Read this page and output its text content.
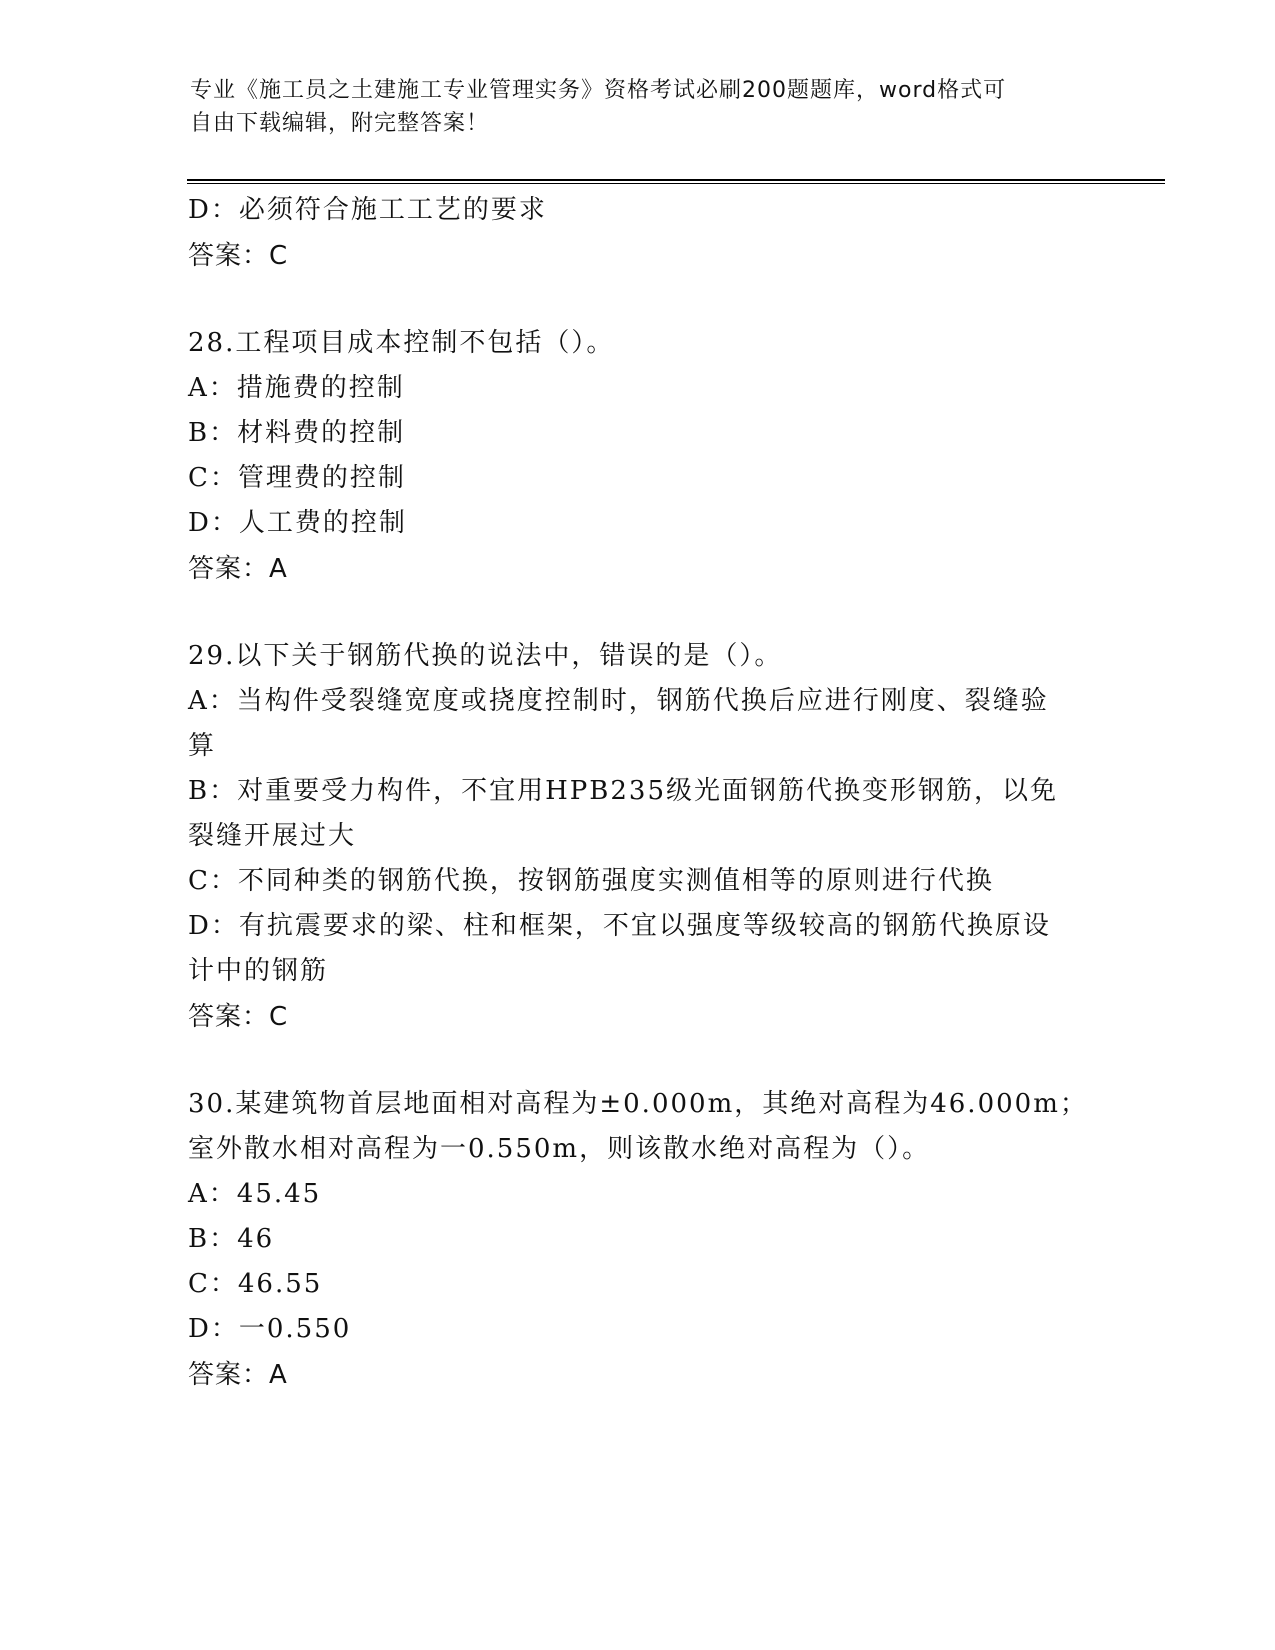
专业《施工员之土建施工专业管理实务》资格考试必刷200题题库，word格式可
自由下载编辑，附完整答案！
D：必须符合施工工艺的要求
答案：C
28.工程项目成本控制不包括（）。
A：措施费的控制
B：材料费的控制
C：管理费的控制
D：人工费的控制
答案：A
29.以下关于钢筋代换的说法中，错误的是（）。
A：当构件受裂缝宽度或挠度控制时，钢筋代换后应进行刚度、裂缝验
算
B：对重要受力构件，不宜用HPB235级光面钢筋代换变形钢筋，以免
裂缝开展过大
C：不同种类的钢筋代换，按钢筋强度实测值相等的原则进行代换
D：有抗震要求的梁、柱和框架，不宜以强度等级较高的钢筋代换原设
计中的钢筋
答案：C
30.某建筑物首层地面相对高程为±0.000m，其绝对高程为46.000m；
室外散水相对高程为一0.550m，则该散水绝对高程为（）。
A：45.45
B：46
C：46.55
D：一0.550
答案：A
